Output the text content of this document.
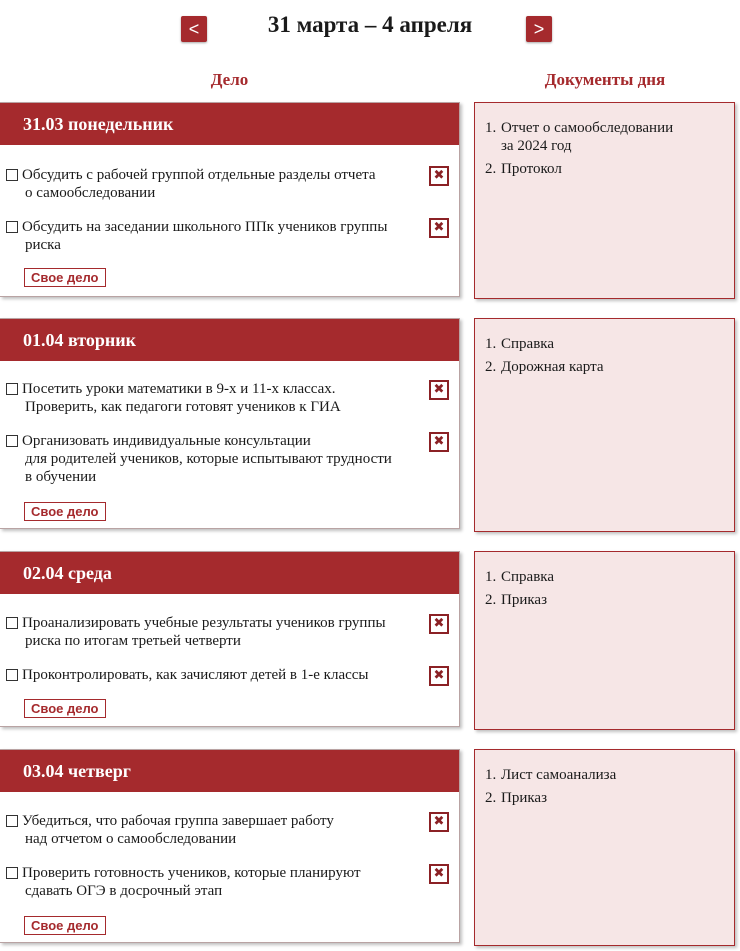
<	31 марта – 4 апреля	>
Дело	Документы дня
31.03 понедельник
Обсудить с рабочей группой отдельные разделы отчета
о самообследовании
✖
Обсудить на заседании школьного ППк учеников группы
риска
✖
Свое дело
1. Отчет о самообследовании
за 2024 год
2. Протокол
01.04 вторник
Посетить уроки математики в 9-х и 11-х классах.
Проверить, как педагоги готовят учеников к ГИА
✖
Организовать индивидуальные консультации
для родителей учеников, которые испытывают трудности
в обучении
✖
Свое дело
1. Справка
2. Дорожная карта
02.04 среда
Проанализировать учебные результаты учеников группы
риска по итогам третьей четверти
✖
Проконтролировать, как зачисляют детей в 1-е классы	✖
Свое дело
1. Справка
2. Приказ
03.04 четверг
Убедиться, что рабочая группа завершает работу
над отчетом о самообследовании
✖
Проверить готовность учеников, которые планируют
сдавать ОГЭ в досрочный этап
✖
Свое дело
1. Лист самоанализа
2. Приказ
